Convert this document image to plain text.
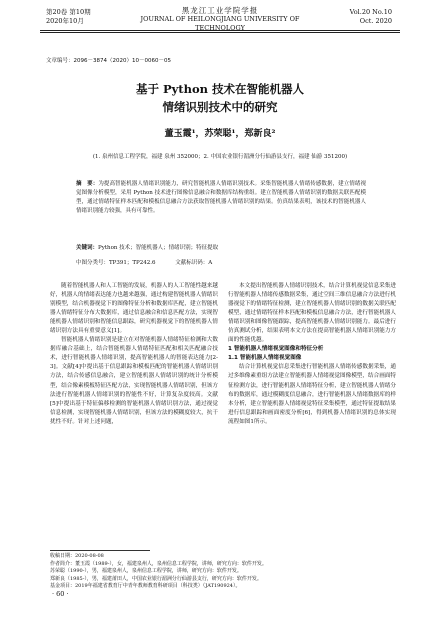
第20卷 第10期
2020年10月
黑龙江工业学院学报
JOURNAL OF HEILONGJIANG UNIVERSITY OF TECHNOLOGY
Vol.20 No.10
Oct. 2020
文章编号：2096－3874（2020）10－0060－05
基于 Python 技术在智能机器人
情绪识别技术中的研究
董玉霞¹，苏荣聪¹，郑新良²
(1. 泉州信息工程学院，福建 泉州 352000；2. 中国农业银行湄洲分行仙游县支行，福建 仙游 351200)
摘　要：为提高智能机器人情绪识别能力，研究智能机器人情绪识别技术。采集智能机器人情绪传感数据，建立情绪视觉图像分析模型，采用 Python 技术进行图像信息融合和数据库结构重组。建立智能机器人情绪识别的数据关联匹配模型，通过情绪特征样本匹配和模板信息融合方法获取智能机器人情绪识别的结果。仿真结果表明，该技术的智能机器人情绪识别能力较强，具有可靠性。
关键词：Python 技术；智能机器人；情绪识别；特征提取
中图分类号：TP391；TP242.6	文献标识码：A

随着智能机器人和人工智能的发展，机器人的人工智能性越来越好，机器人的情绪表达能力也越来越强，通过构建智能机器人情绪识别模型，结合机器视觉下的图像特征分析和数据库匹配，建立智能机器人情绪特征分布大数据库，通过信息融合和信息匹配方法，实现智能机器人情绪识别和智能信息跟踪，研究机器视觉下的智能机器人情绪识别方法具有重要意义[1]。

智能机器人情绪识别是建立在对智能机器人情绪特征检测和大数据库融合基础上，结合智能机器人情绪特征匹配和相关匹配融合技术，进行智能机器人情绪识别，提高智能机器人的智能表达能力[2-3]。文献[4]中提出基于信息跟踪和模板匹配的智能机器人情绪识别方法，结合传感信息融合，建立智能机器人情绪识别的统计分析模型，结合像素模板特征匹配方法，实现智能机器人情绪识别，但该方法进行智能机器人情绪识别的智能性不好，计算复杂度较高。文献[5]中提出基于特征偏移检测的智能机器人情绪识别方法，通过视觉信息检测，实现智能机器人情绪识别，但该方法的模糊度较大，抗干扰性不好。针对上述问题，

本文提出智能机器人情绪识别技术，结合计算机视觉信息采集进行智能机器人情绪传感数据采集，通过空间三维信息融合方法进行机器视觉下的情绪特征检测，建立智能机器人情绪识别的数据关联匹配模型，通过情绪特征样本匹配和模板信息融合方法，进行智能机器人情绪识别和图像智能跟踪，提高智能机器人情绪识别能力。最后进行仿真测试分析，结果表明本文方法在提高智能机器人情绪识别能力方面的性能优越。

1 智能机器人情绪视觉图像和特征分析

1.1 智能机器人情绪视觉图像

结合计算机视觉信息采集进行智能机器人情绪传感数据采集，通过多维像素重组方法建立智能机器人情绪视觉图像模型，结合画面特征检测方法，进行智能机器人情绪特征分析，建立智能机器人情绪分布的数据库，通过模糊度信息融合，进行智能机器人情绪数据库的样本分析，建立智能机器人情绪视觉特征采集模型，通过特征提取结果进行信息跟踪和画面密度分析[6]，得到机器人情绪识别的总体实现流程如图1所示。

收稿日期：2020-08-08
作者简介：董玉霞（1989-），女，福建泉州人，泉州信息工程学院，讲师，研究方向：软件开发。
苏荣聪（1990-），男，福建泉州人，泉州信息工程学院，讲师，研究方向：软件开发。
郑新良（1985-），男，福建莆田人，中国农业银行湄洲分行仙游县支行，研究方向：软件开发。
基金项目：2019年福建省教育厅中青年教师教育科研项目（科技类）（JAT190924）。
· 60 ·
